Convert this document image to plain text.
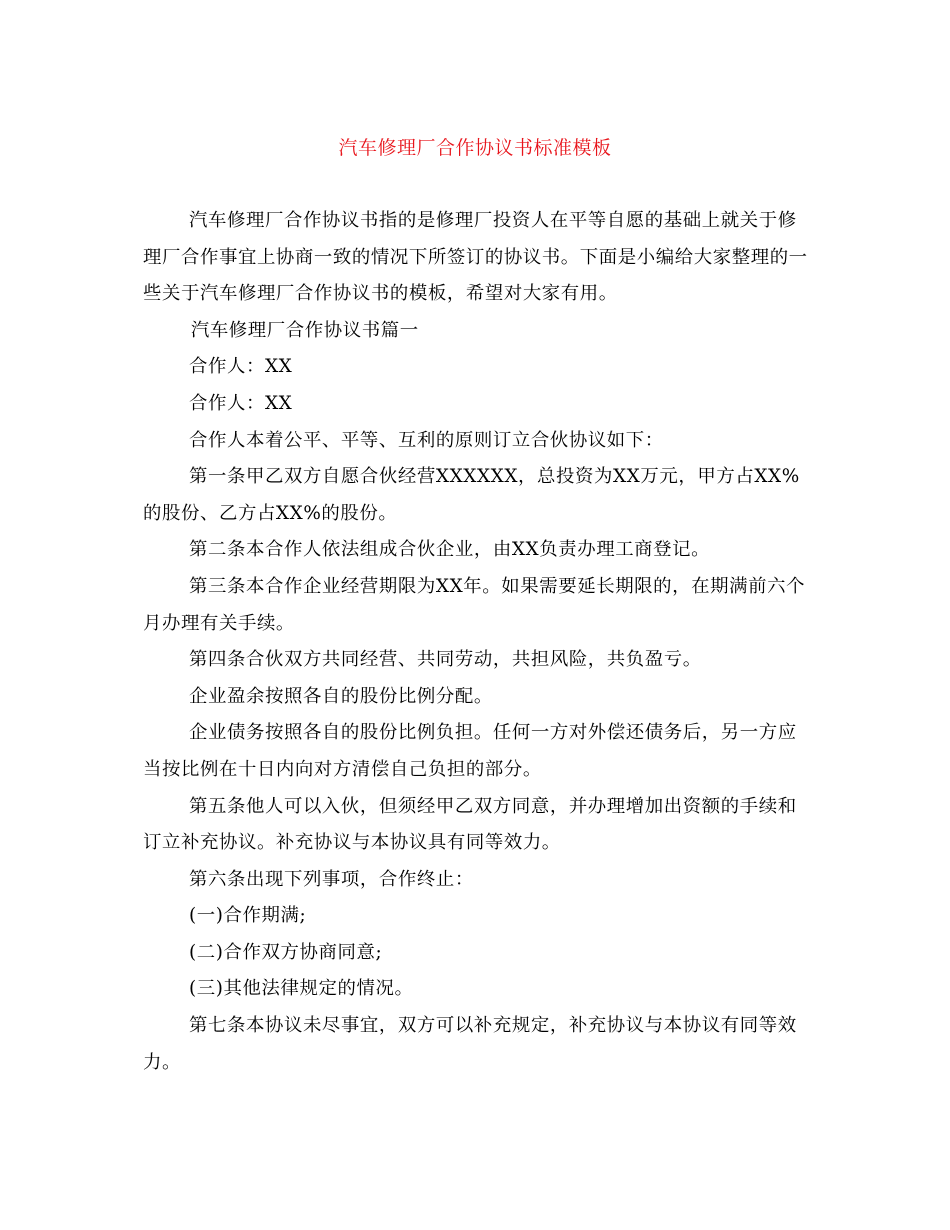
汽车修理厂合作协议书标准模板

汽车修理厂合作协议书指的是修理厂投资人在平等自愿的基础上就关于修理厂合作事宜上协商一致的情况下所签订的协议书。下面是小编给大家整理的一些关于汽车修理厂合作协议书的模板，希望对大家有用。

汽车修理厂合作协议书篇一

合作人：XX

合作人：XX

合作人本着公平、平等、互利的原则订立合伙协议如下：

第一条甲乙双方自愿合伙经营XXXXXX，总投资为XX万元，甲方占XX%的股份、乙方占XX%的股份。

第二条本合作人依法组成合伙企业，由XX负责办理工商登记。

第三条本合作企业经营期限为XX年。如果需要延长期限的，在期满前六个月办理有关手续。

第四条合伙双方共同经营、共同劳动，共担风险，共负盈亏。

企业盈余按照各自的股份比例分配。

企业债务按照各自的股份比例负担。任何一方对外偿还债务后，另一方应当按比例在十日内向对方清偿自己负担的部分。

第五条他人可以入伙，但须经甲乙双方同意，并办理增加出资额的手续和订立补充协议。补充协议与本协议具有同等效力。

第六条出现下列事项，合作终止：

(一)合作期满;

(二)合作双方协商同意;

(三)其他法律规定的情况。

第七条本协议未尽事宜，双方可以补充规定，补充协议与本协议有同等效力。
